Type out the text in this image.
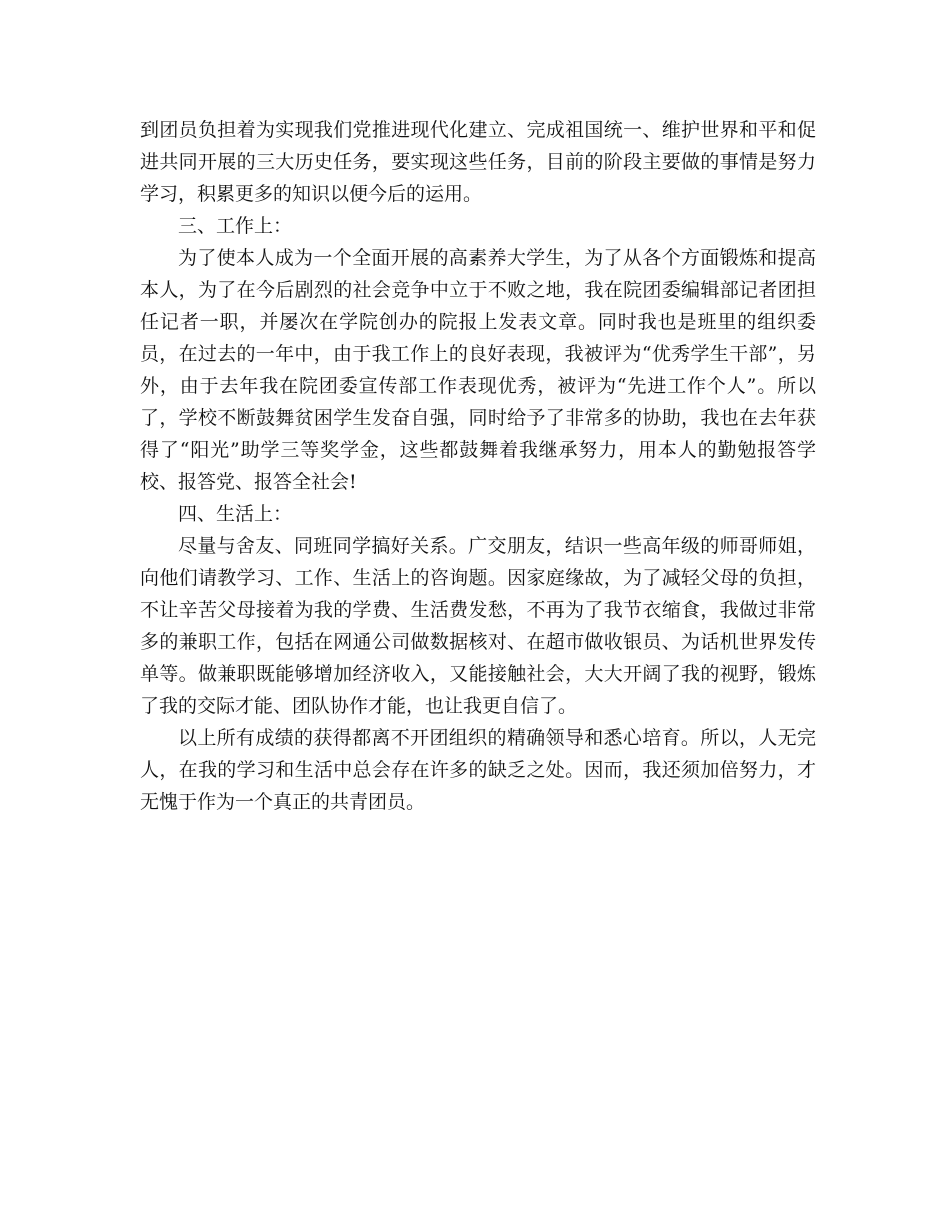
到团员负担着为实现我们党推进现代化建立、完成祖国统一、维护世界和平和促进共同开展的三大历史任务，要实现这些任务，目前的阶段主要做的事情是努力学习，积累更多的知识以便今后的运用。

三、工作上：

为了使本人成为一个全面开展的高素养大学生，为了从各个方面锻炼和提高本人，为了在今后剧烈的社会竞争中立于不败之地，我在院团委编辑部记者团担任记者一职，并屡次在学院创办的院报上发表文章。同时我也是班里的组织委员，在过去的一年中，由于我工作上的良好表现，我被评为“优秀学生干部”，另外，由于去年我在院团委宣传部工作表现优秀，被评为“先进工作个人”。所以了，学校不断鼓舞贫困学生发奋自强，同时给予了非常多的协助，我也在去年获得了“阳光”助学三等奖学金，这些都鼓舞着我继承努力，用本人的勤勉报答学校、报答党、报答全社会!

四、生活上：

尽量与舍友、同班同学搞好关系。广交朋友，结识一些高年级的师哥师姐，向他们请教学习、工作、生活上的咨询题。因家庭缘故，为了减轻父母的负担，不让辛苦父母接着为我的学费、生活费发愁，不再为了我节衣缩食，我做过非常多的兼职工作，包括在网通公司做数据核对、在超市做收银员、为话机世界发传单等。做兼职既能够增加经济收入，又能接触社会，大大开阔了我的视野，锻炼了我的交际才能、团队协作才能，也让我更自信了。

以上所有成绩的获得都离不开团组织的精确领导和悉心培育。所以，人无完人，在我的学习和生活中总会存在许多的缺乏之处。因而，我还须加倍努力，才无愧于作为一个真正的共青团员。
